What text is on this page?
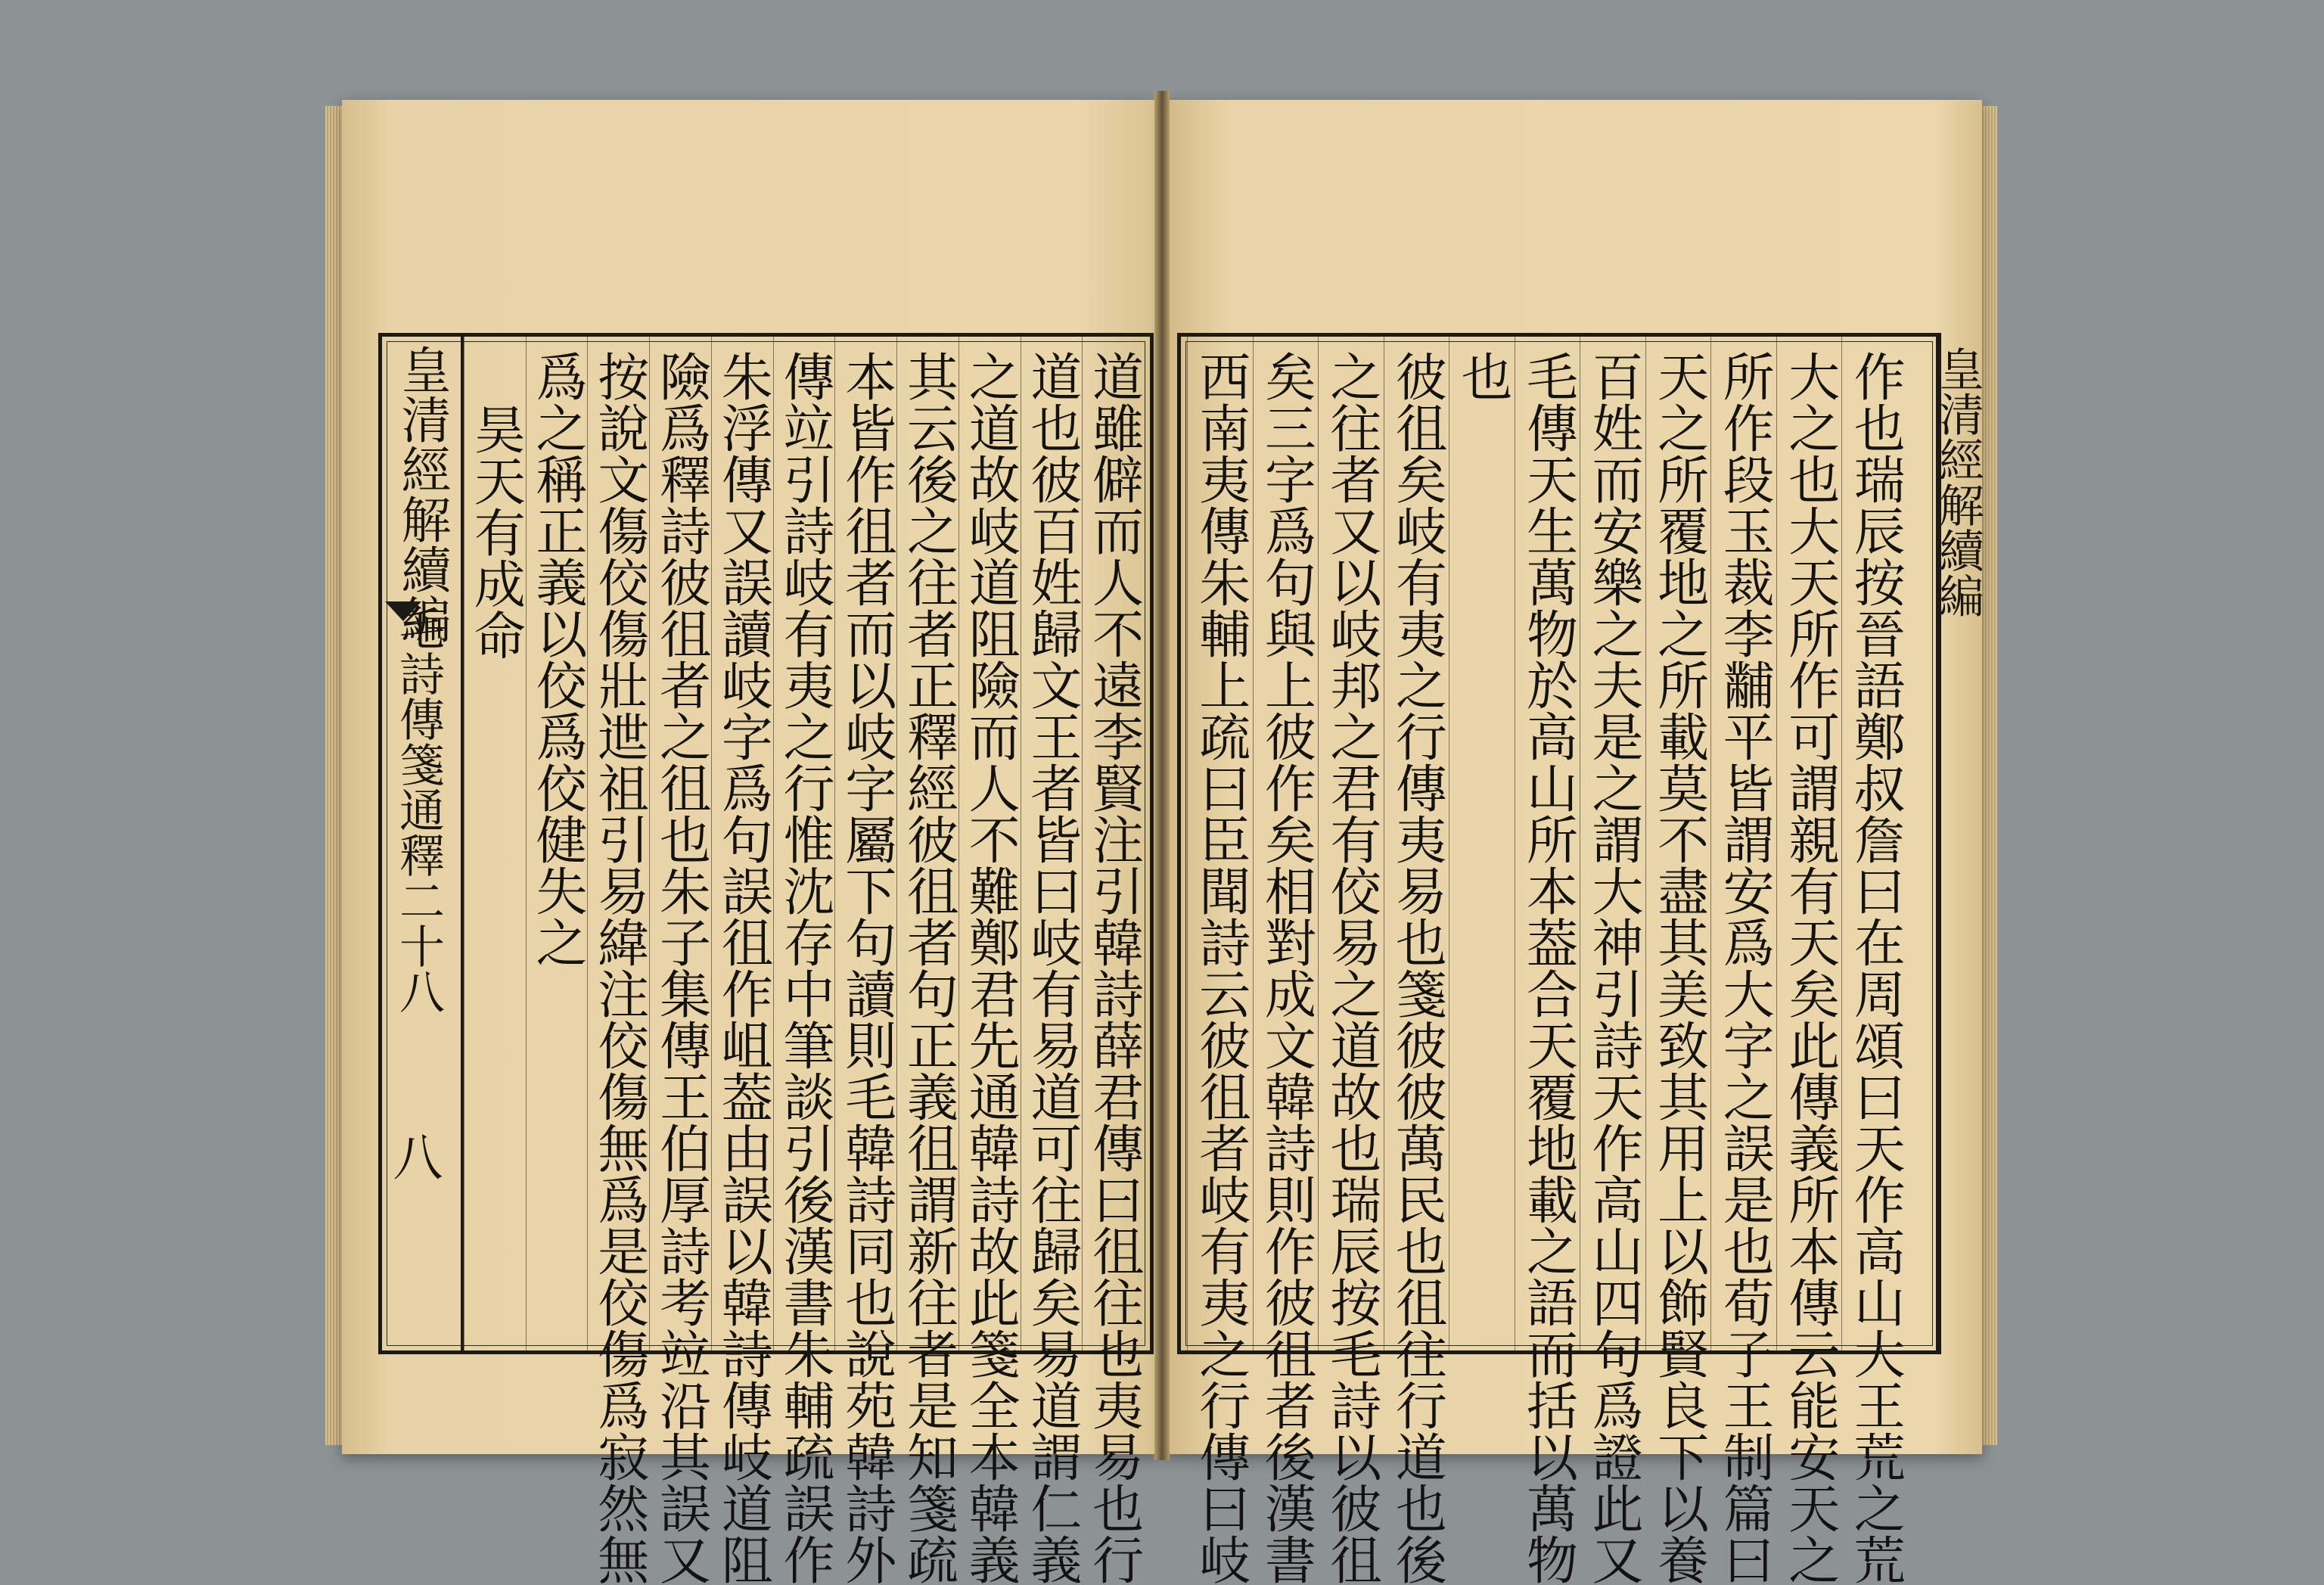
皇清經解續編
毛詩傳箋通釋二十八
八	道雖僻而人不遠李賢注引韓詩薛君傳曰徂往也夷易也行
道也彼百姓歸文王者皆曰岐有易道可往歸矣易道謂仁義
之道故岐道阻險而人不難鄭君先通韓詩故此箋全本韓義
其云後之往者正釋經彼徂者句正義徂謂新往者是知箋疏
本皆作徂者而以岐字屬下句讀則毛韓詩同也說苑韓詩外
傳竝引詩岐有夷之行惟沈存中筆談引後漢書朱輔疏誤作
朱浮傳又誤讀岐字爲句誤徂作岨葢由誤以韓詩傳岐道阻
險爲釋詩彼徂者之徂也朱子集傳王伯厚詩考竝沿其誤又
按說文傷佼傷壯迣祖引易緯注佼傷無爲是佼傷爲寂然無
爲之稱正義以佼爲佼健失之
昊天有成命	作也瑞辰按晉語鄭叔詹曰在周頌曰天作高山大王荒之荒
大之也大天所作可謂親有天矣此傳義所本傳云能安天之
所作段玉裁李黼平皆謂安爲大字之誤是也荀子王制篇曰
天之所覆地之所載莫不盡其美致其用上以飾賢良下以養
百姓而安樂之夫是之謂大神引詩天作高山四句爲證此又
毛傳天生萬物於高山所本葢合天覆地載之語而括以萬物
也
彼徂矣岐有夷之行傳夷易也箋彼彼萬民也徂往行道也後
之往者又以岐邦之君有佼易之道故也瑞辰按毛詩以彼徂
矣三字爲句與上彼作矣相對成文韓詩則作彼徂者後漢書
西南夷傳朱輔上疏曰臣聞詩云彼徂者岐有夷之行傳曰岐	皇清經解續編
